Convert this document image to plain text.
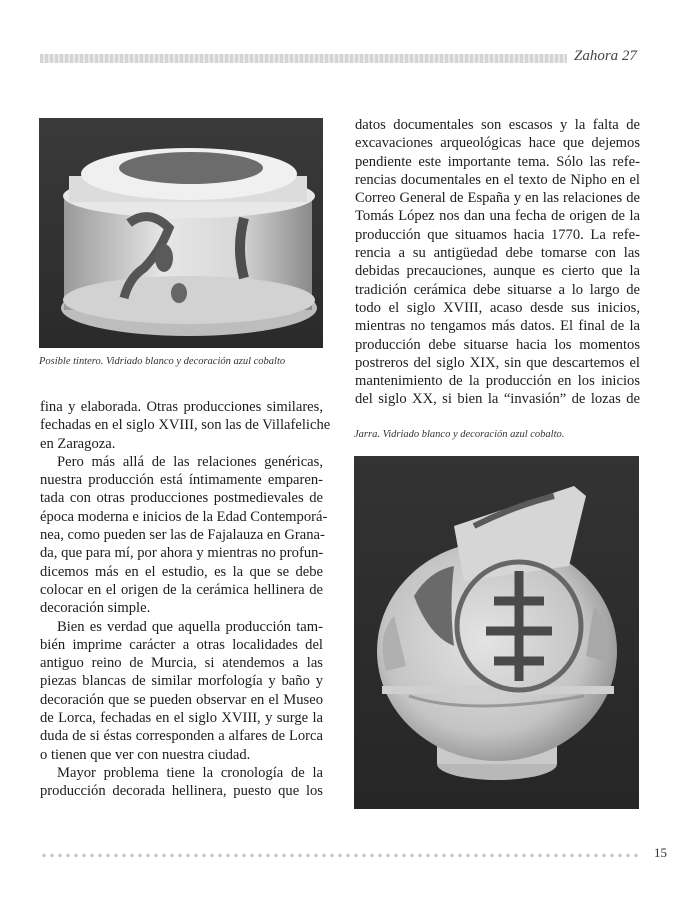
Zahora 27
Posible tintero. Vidriado blanco y decoración azul cobalto
fina y elaborada. Otras producciones similares,
fechadas en el siglo XVIII, son las de Villafeliche
en Zaragoza.
Pero más allá de las relaciones genéricas,
nuestra producción está íntimamente emparen-
tada con otras producciones postmedievales de
época moderna e inicios de la Edad Contemporá-
nea, como pueden ser las de Fajalauza en Grana-
da, que para mí, por ahora y mientras no profun-
dicemos más en el estudio, es la que se debe
colocar en el origen de la cerámica hellinera de
decoración simple.
Bien es verdad que aquella producción tam-
bién imprime carácter a otras localidades del
antiguo reino de Murcia, si atendemos a las
piezas blancas de similar morfología y baño y
decoración que se pueden observar en el Museo
de Lorca, fechadas en el siglo XVIII, y surge la
duda de si éstas corresponden a alfares de Lorca
o tienen que ver con nuestra ciudad.
Mayor problema tiene la cronología de la
producción decorada hellinera, puesto que los
datos documentales son escasos y la falta de
excavaciones arqueológicas hace que dejemos
pendiente este importante tema. Sólo las refe-
rencias documentales en el texto de Nipho en el
Correo General de España y en las relaciones de
Tomás López nos dan una fecha de origen de la
producción que situamos hacia 1770. La refe-
rencia a su antigüedad debe tomarse con las
debidas precauciones, aunque es cierto que la
tradición cerámica debe situarse a lo largo de
todo el siglo XVIII, acaso desde sus inicios,
mientras no tengamos más datos. El final de la
producción debe situarse hacia los momentos
postreros del siglo XIX, sin que descartemos el
mantenimiento de la producción en los inicios
del siglo XX, si bien la “invasión” de lozas de
Jarra. Vidriado blanco y decoración azul cobalto.
15
